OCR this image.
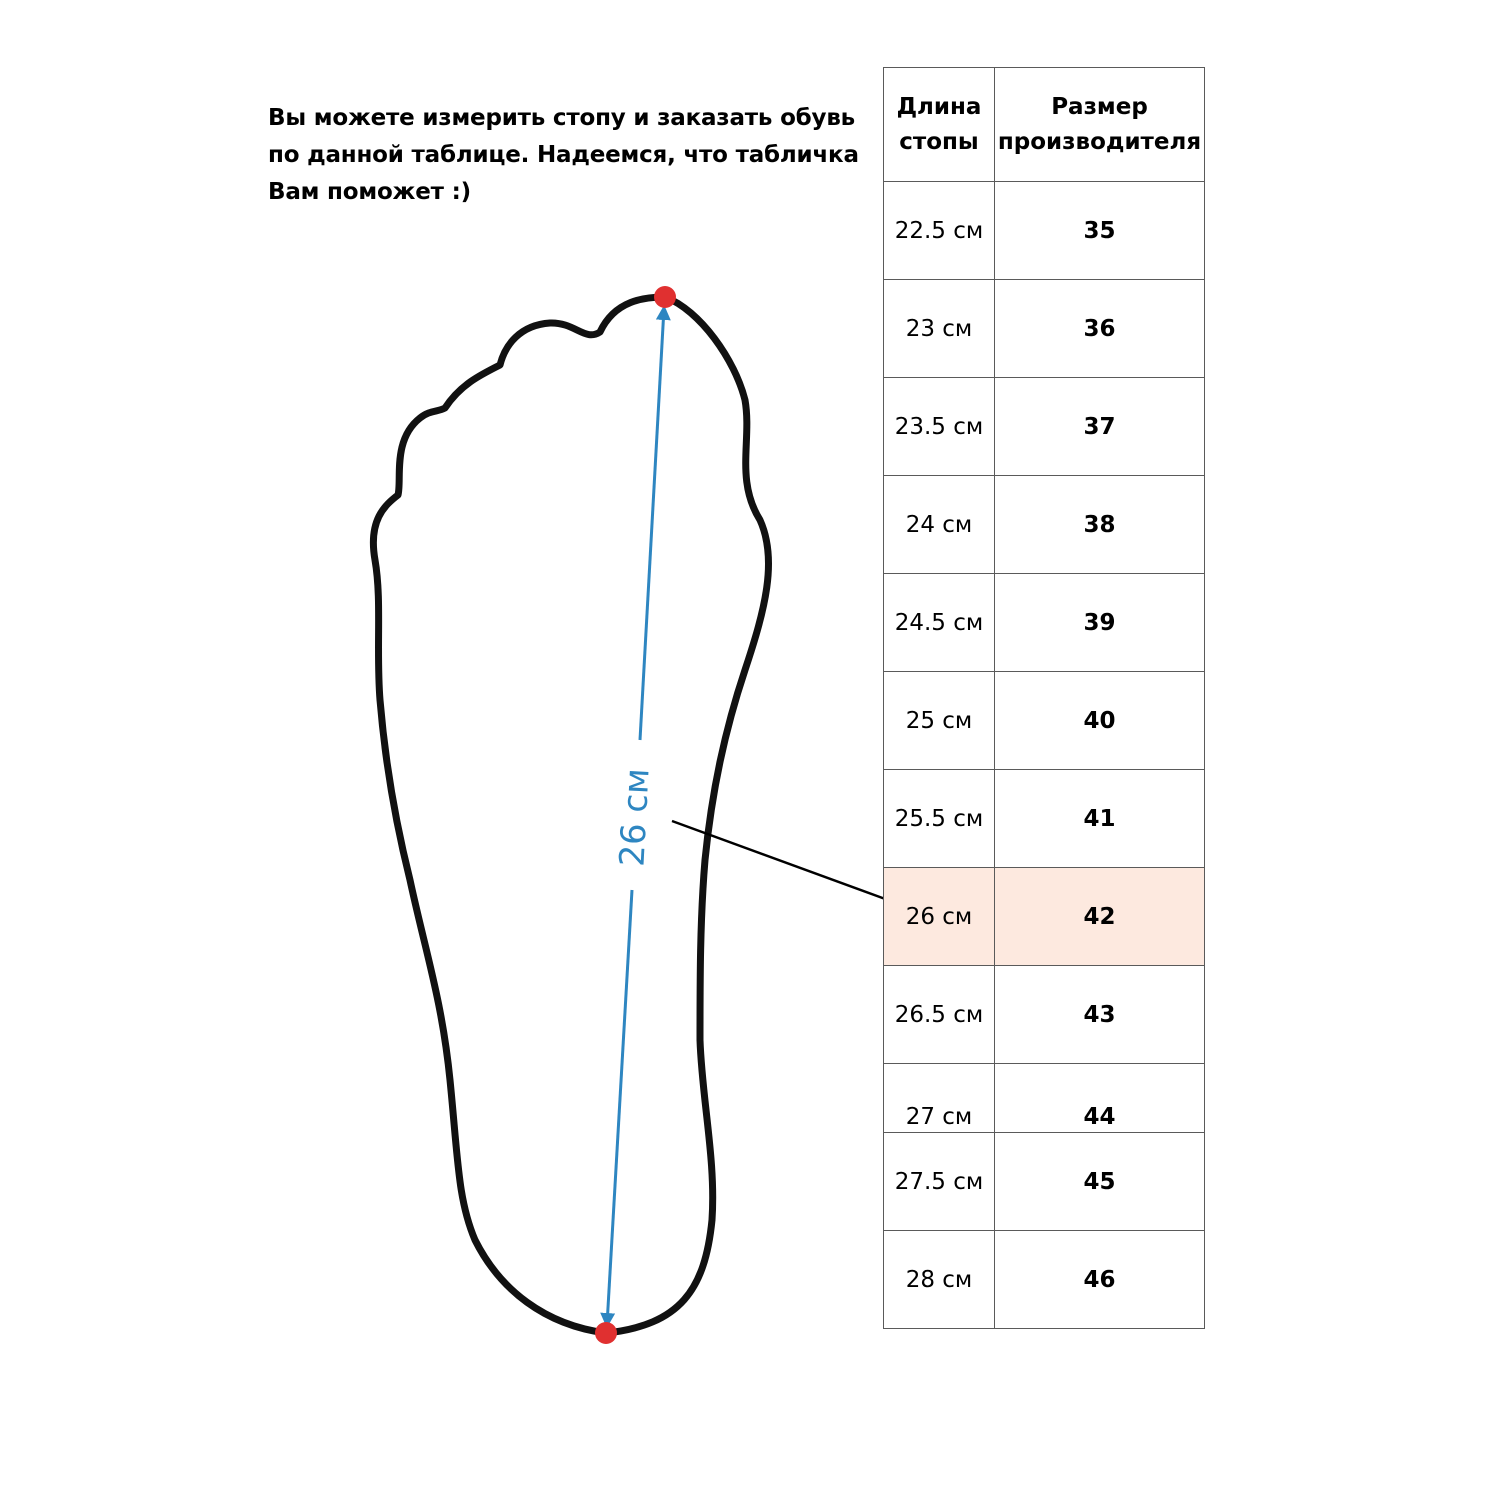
Вы можете измерить стопу и заказать обувь по данной таблице. Надеемся, что табличка Вам поможет :)

26 см
Длина стопы	Размер производителя
22.5 см	35
23 см	36
23.5 см	37
24 см	38
24.5 см	39
25 см	40
25.5 см	41
26 см	42
26.5 см	43

27 см	44

27.5 см	45
28 см	46
